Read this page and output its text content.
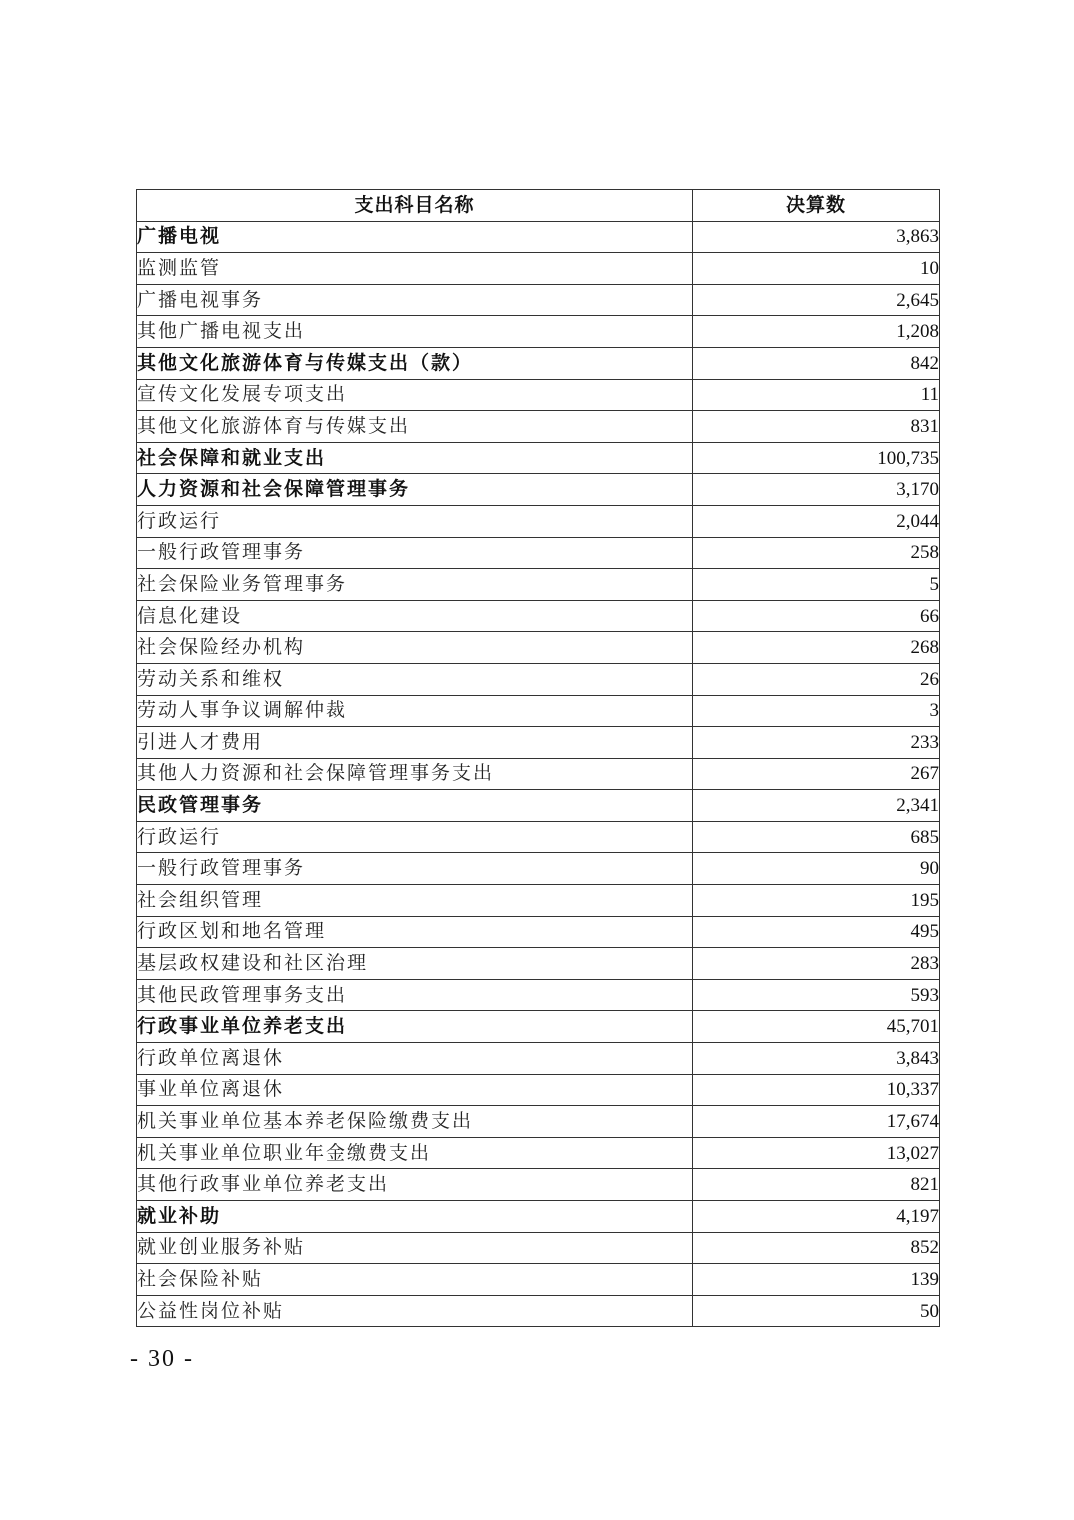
支出科目名称	决算数
广播电视	3,863
监测监管	10
广播电视事务	2,645
其他广播电视支出	1,208
其他文化旅游体育与传媒支出（款）	842
宣传文化发展专项支出	11
其他文化旅游体育与传媒支出	831
社会保障和就业支出	100,735
人力资源和社会保障管理事务	3,170
行政运行	2,044
一般行政管理事务	258
社会保险业务管理事务	5
信息化建设	66
社会保险经办机构	268
劳动关系和维权	26
劳动人事争议调解仲裁	3
引进人才费用	233
其他人力资源和社会保障管理事务支出	267
民政管理事务	2,341
行政运行	685
一般行政管理事务	90
社会组织管理	195
行政区划和地名管理	495
基层政权建设和社区治理	283
其他民政管理事务支出	593
行政事业单位养老支出	45,701
行政单位离退休	3,843
事业单位离退休	10,337
机关事业单位基本养老保险缴费支出	17,674
机关事业单位职业年金缴费支出	13,027
其他行政事业单位养老支出	821
就业补助	4,197
就业创业服务补贴	852
社会保险补贴	139
公益性岗位补贴	50
- 30 -
